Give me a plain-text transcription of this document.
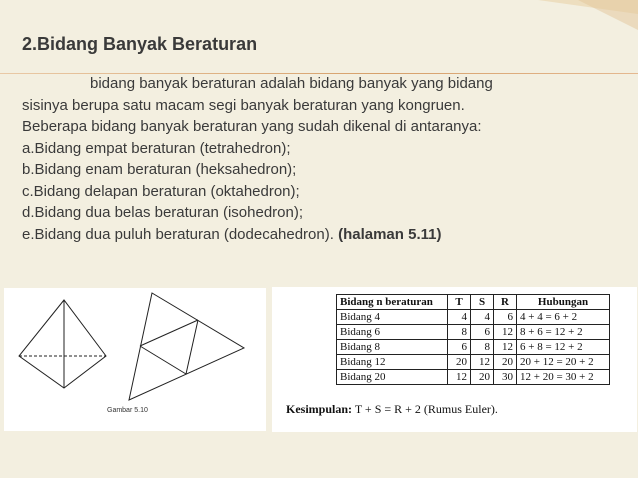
2.Bidang Banyak Beraturan

bidang banyak beraturan adalah bidang banyak yang bidang

sisinya berupa satu macam segi banyak beraturan yang kongruen.

Beberapa bidang banyak beraturan yang sudah dikenal di antaranya:

a.Bidang empat beraturan (tetrahedron);

b.Bidang enam beraturan (heksahedron);

c.Bidang delapan beraturan (oktahedron);

d.Bidang dua belas beraturan (isohedron);

e.Bidang dua puluh beraturan (dodecahedron). (halaman 5.11)

Gambar 5.10
Bidang n beraturan	T	S	R	Hubungan
Bidang 4	4	4	6	4 + 4 = 6 + 2
Bidang 6	8	6	12	8 + 6 = 12 + 2
Bidang 8	6	8	12	6 + 8 = 12 + 2
Bidang 12	20	12	20	20 + 12 = 20 + 2
Bidang 20	12	20	30	12 + 20 = 30 + 2
Kesimpulan: T + S = R + 2 (Rumus Euler).
